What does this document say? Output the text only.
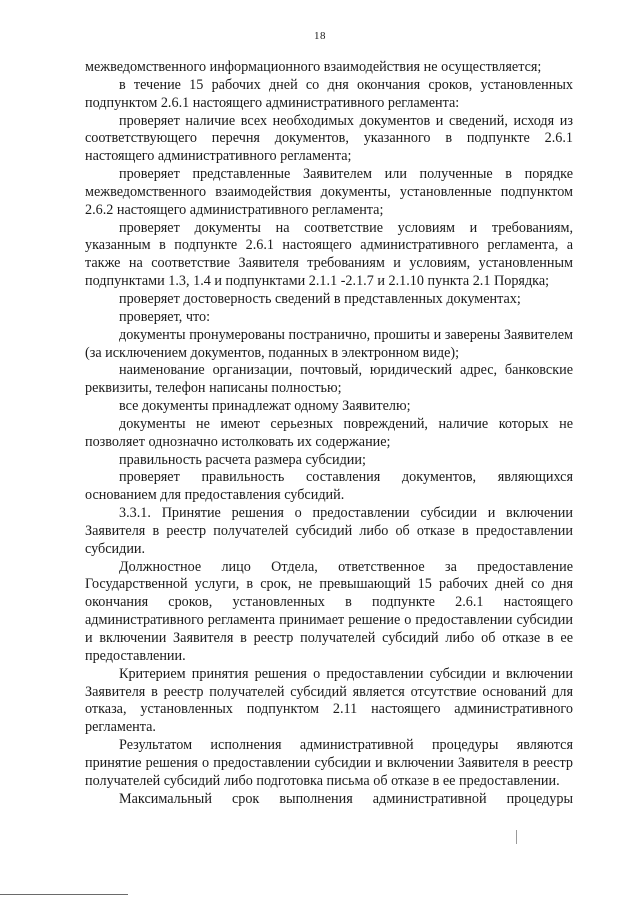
18

межведомственного информационного взаимодействия не осуществляется;

в течение 15 рабочих дней со дня окончания сроков, установленных подпунктом 2.6.1 настоящего административного регламента:

проверяет наличие всех необходимых документов и сведений, исходя из соответствующего перечня документов, указанного в подпункте 2.6.1 настоящего административного регламента;

проверяет представленные Заявителем или полученные в порядке межведомственного взаимодействия документы, установленные подпунктом 2.6.2 настоящего административного регламента;

проверяет документы на соответствие условиям и требованиям, указанным в подпункте 2.6.1 настоящего административного регламента, а также на соответствие Заявителя требованиям и условиям, установленным подпунктами 1.3, 1.4 и подпунктами 2.1.1 -2.1.7 и 2.1.10 пункта 2.1 Порядка;

проверяет достоверность сведений в представленных документах;

проверяет, что:

документы пронумерованы постранично, прошиты и заверены Заявителем (за исключением документов, поданных в электронном виде);

наименование организации, почтовый, юридический адрес, банковские реквизиты, телефон написаны полностью;

все документы принадлежат одному Заявителю;

документы не имеют серьезных повреждений, наличие которых не позволяет однозначно истолковать их содержание;

правильность расчета размера субсидии;

проверяет правильность составления документов, являющихся основанием для предоставления субсидий.

3.3.1. Принятие решения о предоставлении субсидии и включении Заявителя в реестр получателей субсидий либо об отказе в предоставлении субсидии.

Должностное лицо Отдела, ответственное за предоставление Государственной услуги, в срок, не превышающий 15 рабочих дней со дня окончания сроков, установленных в подпункте 2.6.1 настоящего административного регламента принимает решение о предоставлении субсидии и включении Заявителя в реестр получателей субсидий либо об отказе в ее предоставлении.

Критерием принятия решения о предоставлении субсидии и включении Заявителя в реестр получателей субсидий является отсутствие оснований для отказа, установленных подпунктом 2.11 настоящего административного регламента.

Результатом исполнения административной процедуры являются принятие решения о предоставлении субсидии и включении Заявителя в реестр получателей субсидий либо подготовка письма об отказе в ее предоставлении.

Максимальный срок выполнения административной процедуры
